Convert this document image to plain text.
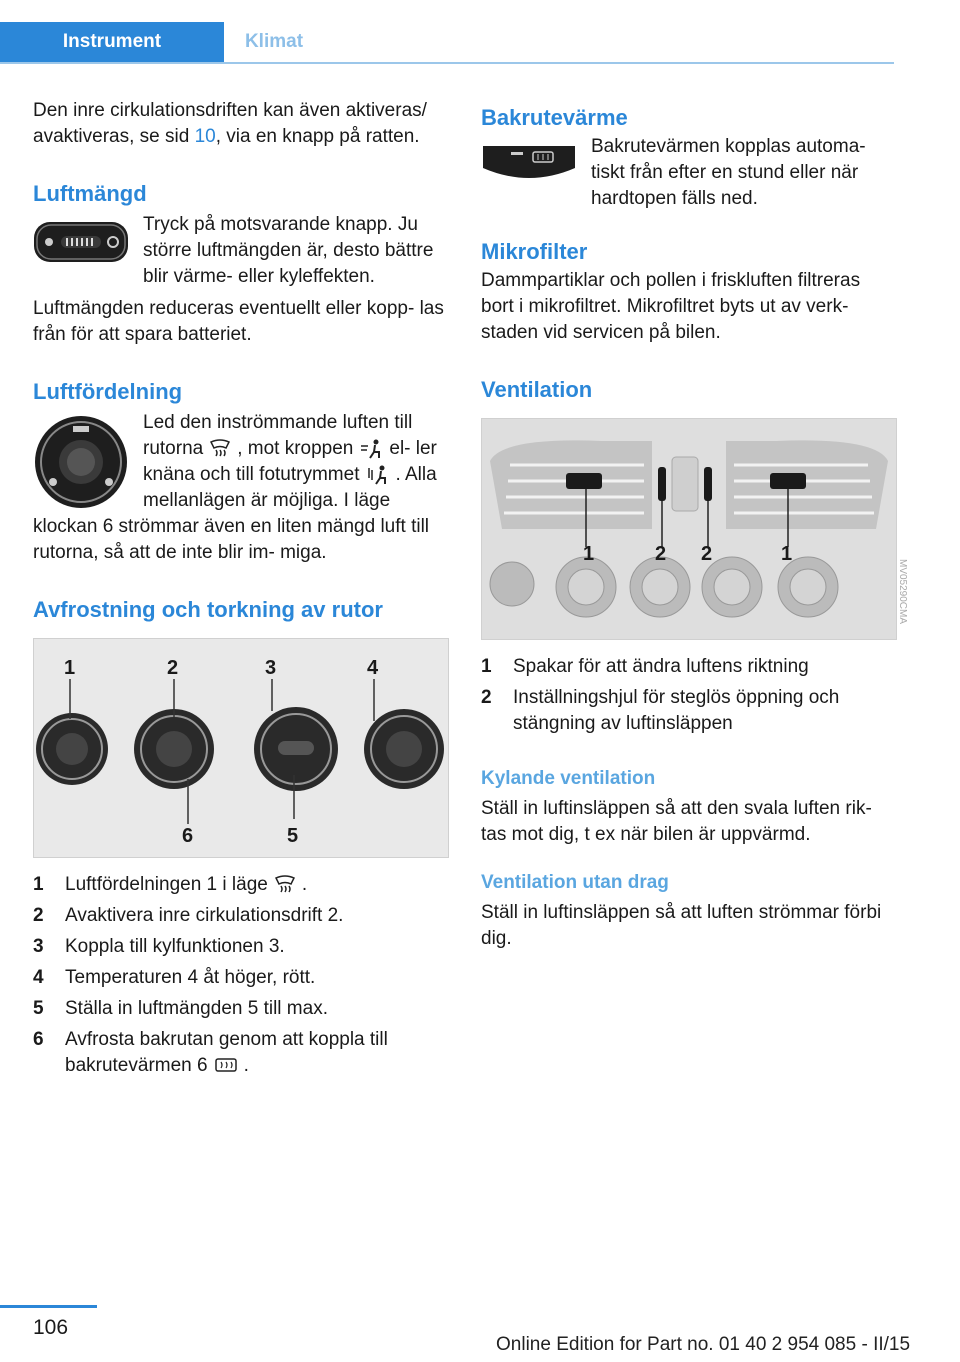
Instrument	Klimat

Den inre cirkulationsdriften kan även aktiveras/ avaktiveras, se sid 10, via en knapp på ratten.

Luftmängd

Tryck på motsvarande knapp. Ju större luftmängden är, desto bättre blir värme- eller kyleffekten.

Luftmängden reduceras eventuellt eller kopp- las från för att spara batteriet.

Luftfördelning

Led den inströmmande luften till rutorna , mot kroppen el- ler knäna och till fotutrymmet . Alla mellanlägen är möjliga. I läge klockan 6 strömmar även en liten mängd luft till rutorna, så att de inte blir im- miga.

Avfrostning och torkning av rutor
1	2	3	4
6	5
1 Luftfördelningen 1 i läge .
2 Avaktivera inre cirkulationsdrift 2.
3 Koppla till kylfunktionen 3.
4 Temperaturen 4 åt höger, rött.
5 Ställa in luftmängden 5 till max.
6 Avfrosta bakrutan genom att koppla till bakrutevärmen 6 .
Bakrutevärme

Bakrutevärmen kopplas automa- tiskt från efter en stund eller när hardtopen fälls ned.

Mikrofilter

Dammpartiklar och pollen i friskluften filtreras bort i mikrofiltret. Mikrofiltret byts ut av verk- staden vid servicen på bilen.

Ventilation
1	2 2	1
MV05290CMA
1 Spakar för att ändra luftens riktning
2 Inställningshjul för steglös öppning och stängning av luftinsläppen
Kylande ventilation

Ställ in luftinsläppen så att den svala luften rik- tas mot dig, t ex när bilen är uppvärmd.

Ventilation utan drag

Ställ in luftinsläppen så att luften strömmar förbi dig.

106
Online Edition for Part no. 01 40 2 954 085 - II/15
